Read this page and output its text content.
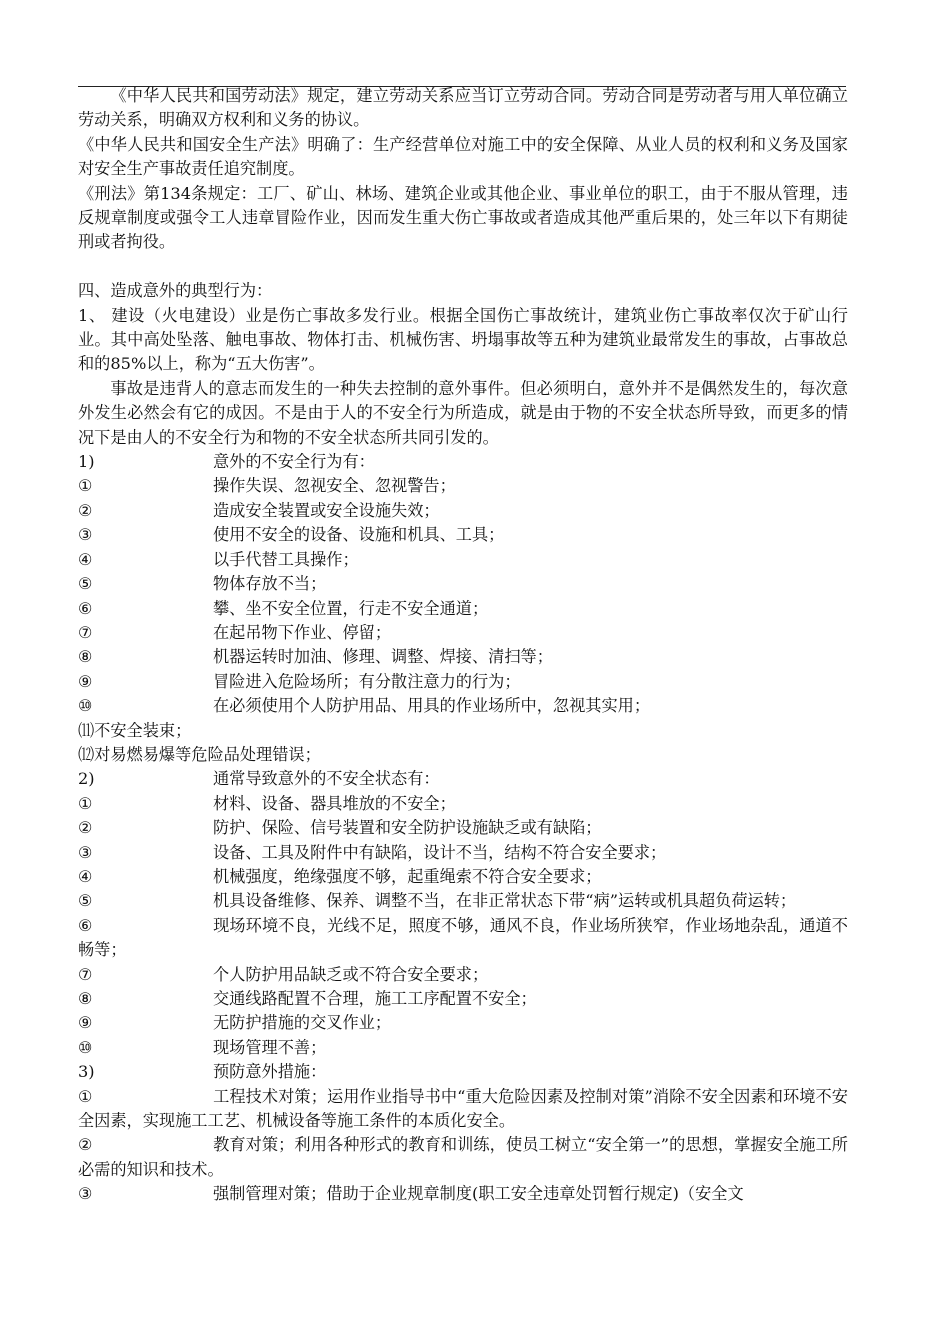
《中华人民共和国劳动法》规定，建立劳动关系应当订立劳动合同。劳动合同是劳动者与用人单位确立劳动关系，明确双方权利和义务的协议。

《中华人民共和国安全生产法》明确了：生产经营单位对施工中的安全保障、从业人员的权利和义务及国家对安全生产事故责任追究制度。

《刑法》第134条规定：工厂、矿山、林场、建筑企业或其他企业、事业单位的职工，由于不服从管理，违反规章制度或强令工人违章冒险作业，因而发生重大伤亡事故或者造成其他严重后果的，处三年以下有期徒刑或者拘役。

四、造成意外的典型行为：

1、 建设（火电建设）业是伤亡事故多发行业。根据全国伤亡事故统计，建筑业伤亡事故率仅次于矿山行业。其中高处坠落、触电事故、物体打击、机械伤害、坍塌事故等五种为建筑业最常发生的事故，占事故总和的85%以上，称为“五大伤害”。

事故是违背人的意志而发生的一种失去控制的意外事件。但必须明白，意外并不是偶然发生的，每次意外发生必然会有它的成因。不是由于人的不安全行为所造成，就是由于物的不安全状态所导致，而更多的情况下是由人的不安全行为和物的不安全状态所共同引发的。

1)	意外的不安全行为有：

①	操作失误、忽视安全、忽视警告；

②	造成安全装置或安全设施失效；

③	使用不安全的设备、设施和机具、工具；

④	以手代替工具操作；

⑤	物体存放不当；

⑥	攀、坐不安全位置，行走不安全通道；

⑦	在起吊物下作业、停留；

⑧	机器运转时加油、修理、调整、焊接、清扫等；

⑨	冒险进入危险场所；有分散注意力的行为；

⑩	在必须使用个人防护用品、用具的作业场所中，忽视其实用；

⑾不安全装束；

⑿对易燃易爆等危险品处理错误；

2)	通常导致意外的不安全状态有：

①	材料、设备、器具堆放的不安全；

②	防护、保险、信号装置和安全防护设施缺乏或有缺陷；

③	设备、工具及附件中有缺陷，设计不当，结构不符合安全要求；

④	机械强度，绝缘强度不够，起重绳索不符合安全要求；

⑤	机具设备维修、保养、调整不当，在非正常状态下带“病”运转或机具超负荷运转；

⑥	现场环境不良，光线不足，照度不够，通风不良，作业场所狭窄，作业场地杂乱，通道不畅等；

⑦	个人防护用品缺乏或不符合安全要求；

⑧	交通线路配置不合理，施工工序配置不安全；

⑨	无防护措施的交叉作业；

⑩	现场管理不善；

3)	预防意外措施：

①	工程技术对策；运用作业指导书中“重大危险因素及控制对策”消除不安全因素和环境不安全因素，实现施工工艺、机械设备等施工条件的本质化安全。

②	教育对策；利用各种形式的教育和训练，使员工树立“安全第一”的思想，掌握安全施工所必需的知识和技术。

③	强制管理对策；借助于企业规章制度(职工安全违章处罚暂行规定)（安全文
